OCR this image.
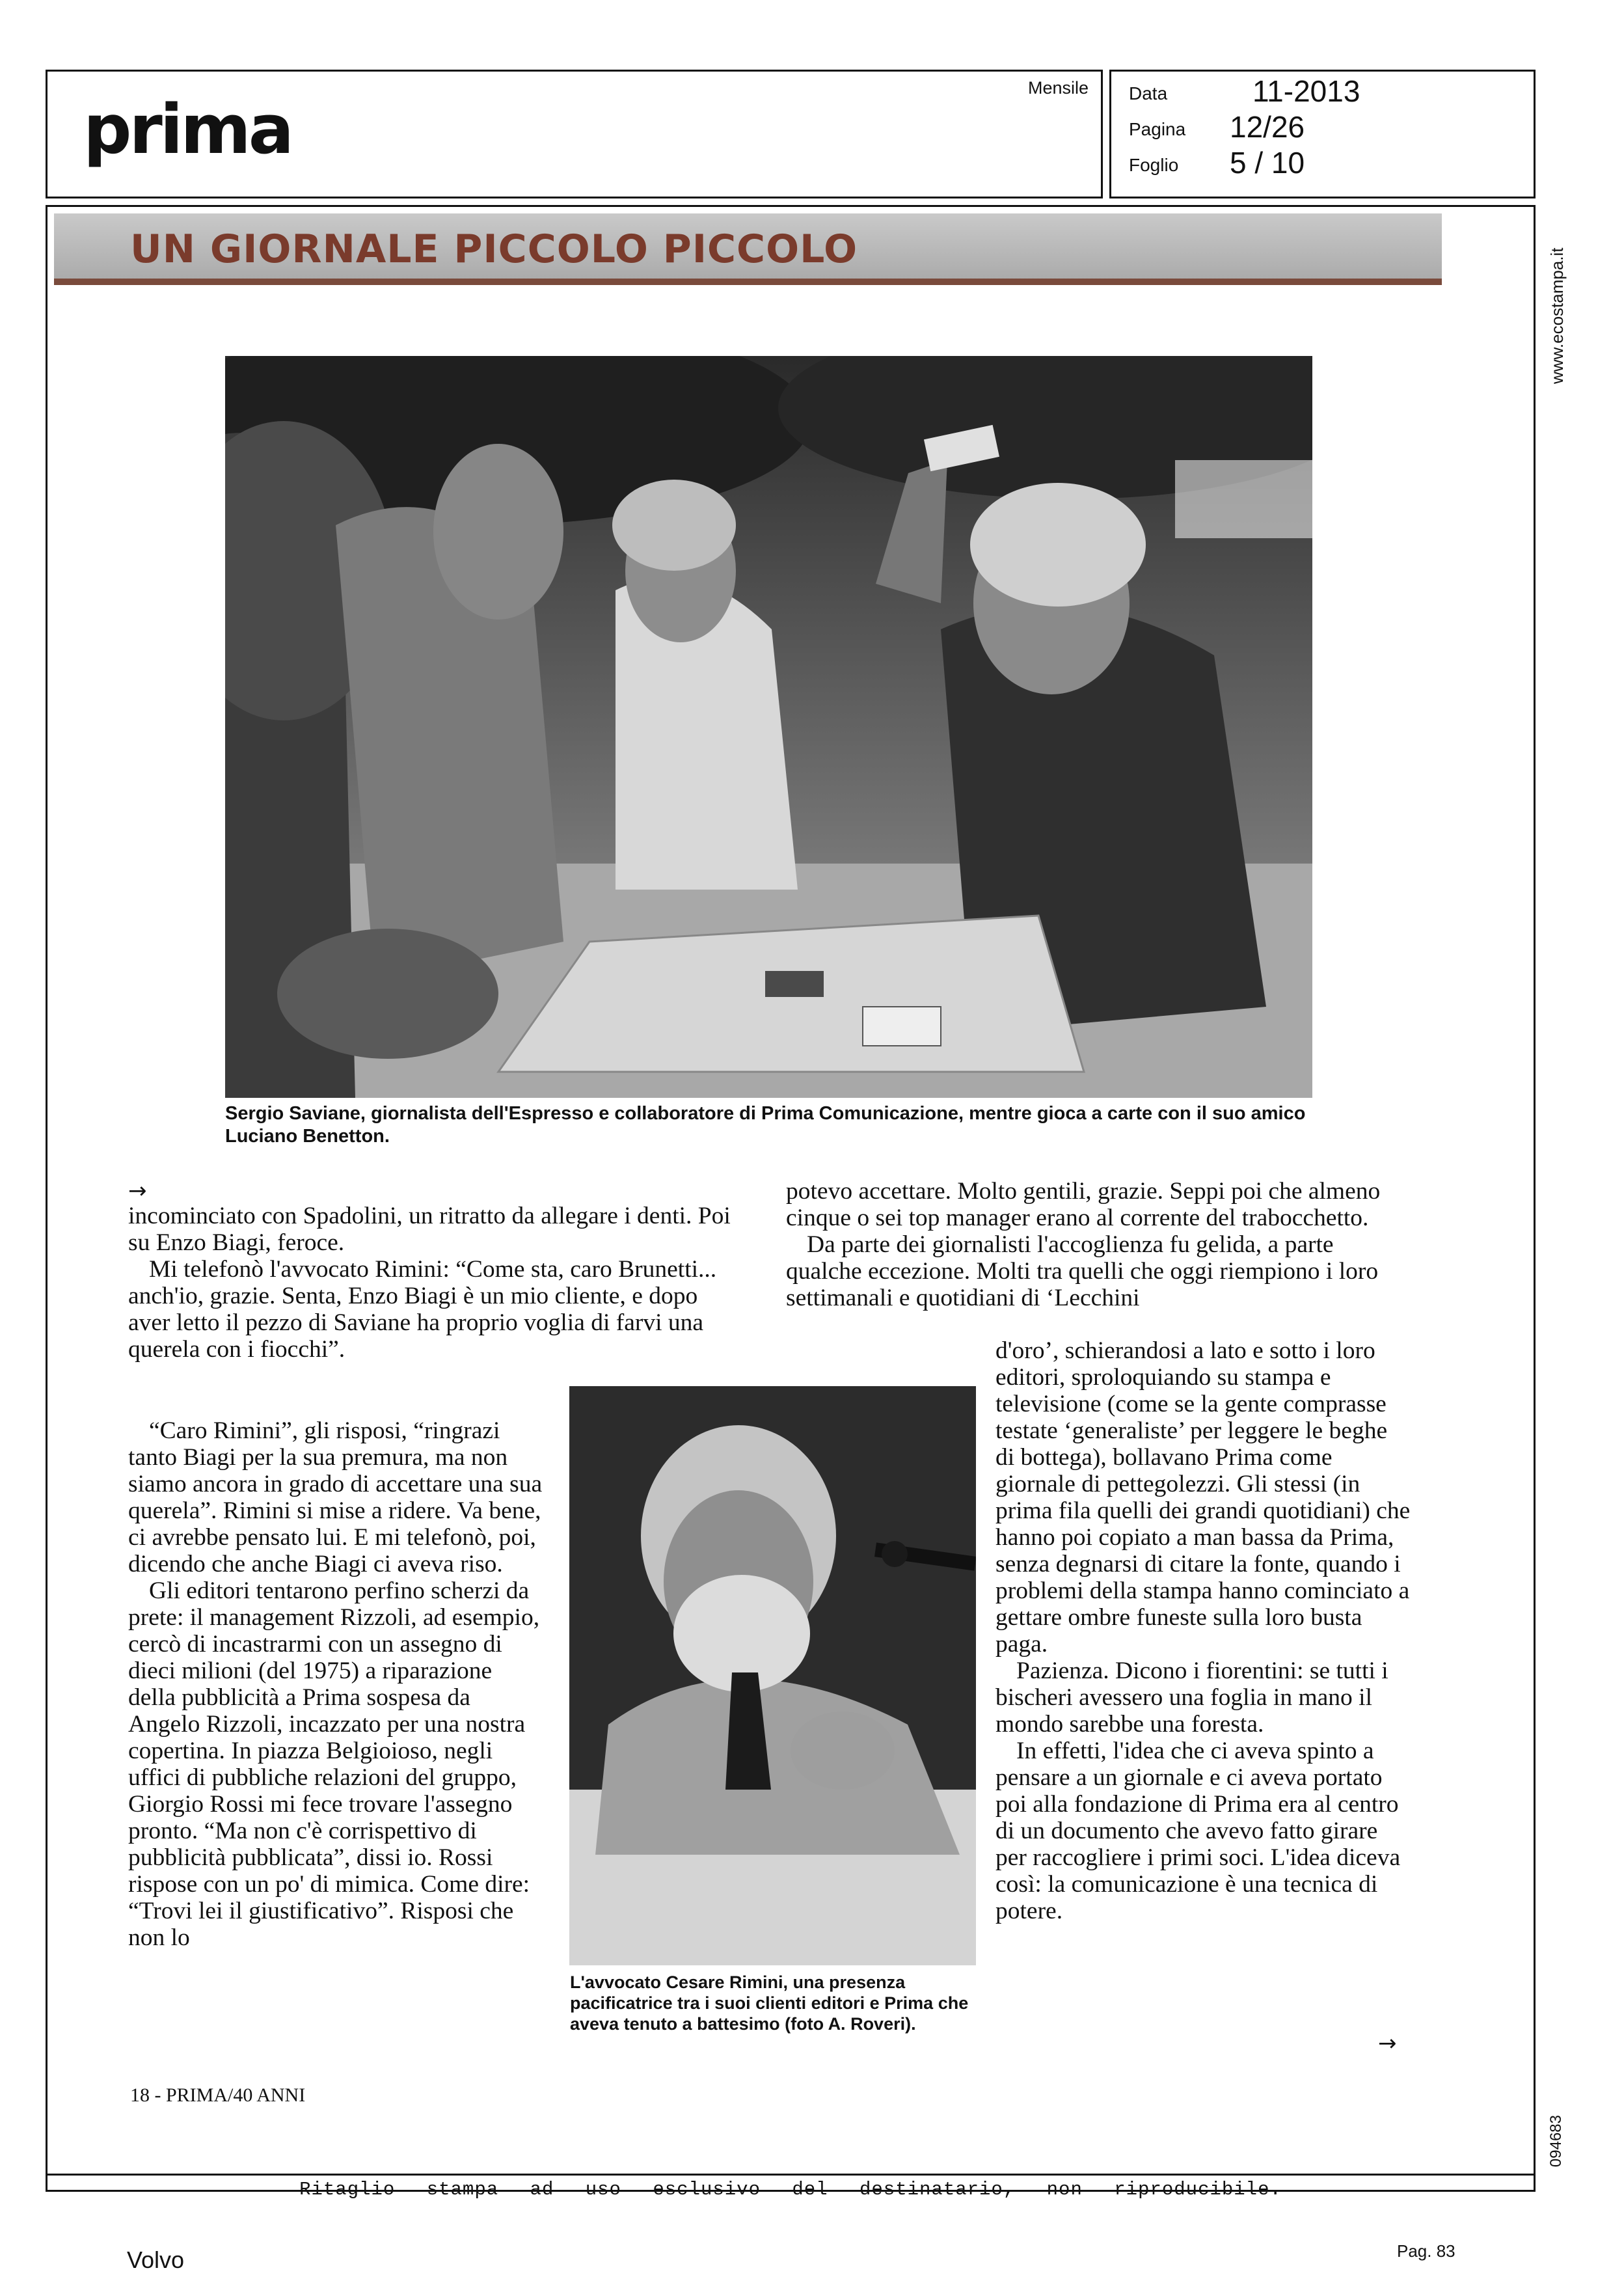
prima
Mensile Data	11-2013
Pagina 12/26
Foglio 5 / 10
www.ecostampa.it
094683
UN GIORNALE PICCOLO PICCOLO
Sergio Saviane, giornalista dell'Espresso e collaboratore di Prima Comunicazione, mentre gioca a carte con il suo amico Luciano Benetton.
→

incominciato con Spadolini, un ritratto da allegare i denti. Poi su Enzo Biagi, feroce.

Mi telefonò l'avvocato Rimini: “Come sta, caro Brunetti... anch'io, grazie. Senta, Enzo Biagi è un mio cliente, e dopo aver letto il pezzo di Saviane ha proprio voglia di farvi una querela con i fiocchi”.

“Caro Rimini”, gli risposi, “ringrazi tanto Biagi per la sua premura, ma non siamo ancora in grado di accettare una sua querela”. Rimini si mise a ridere. Va bene, ci avrebbe pensato lui. E mi telefonò, poi, dicendo che anche Biagi ci aveva riso.

Gli editori tentarono perfino scherzi da prete: il management Rizzoli, ad esempio, cercò di incastrarmi con un assegno di dieci milioni (del 1975) a riparazione della pubblicità a Prima sospesa da Angelo Rizzoli, incazzato per una nostra copertina. In piazza Belgioioso, negli uffici di pubbliche relazioni del gruppo, Giorgio Rossi mi fece trovare l'assegno pronto. “Ma non c'è corrispettivo di pubblicità pubblicata”, dissi io. Rossi rispose con un po' di mimica. Come dire: “Trovi lei il giustificativo”. Risposi che non lo

L'avvocato Cesare Rimini, una presenza pacificatrice tra i suoi clienti editori e Prima che aveva tenuto a battesimo (foto A. Roveri).

potevo accettare. Molto gentili, grazie. Seppi poi che almeno cinque o sei top manager erano al corrente del trabocchetto.

Da parte dei giornalisti l'accoglienza fu gelida, a parte qualche eccezione. Molti tra quelli che oggi riempiono i loro settimanali e quotidiani di ‘Lecchini

d'oro’, schierandosi a lato e sotto i loro editori, sproloquiando su stampa e televisione (come se la gente comprasse testate ‘generaliste’ per leggere le beghe di bottega), bollavano Prima come giornale di pettegolezzi. Gli stessi (in prima fila quelli dei grandi quotidiani) che hanno poi copiato a man bassa da Prima, senza degnarsi di citare la fonte, quando i problemi della stampa hanno cominciato a gettare ombre funeste sulla loro busta paga.

Pazienza. Dicono i fiorentini: se tutti i bischeri avessero una foglia in mano il mondo sarebbe una foresta.

In effetti, l'idea che ci aveva spinto a pensare a un giornale e ci aveva portato poi alla fondazione di Prima era al centro di un documento che avevo fatto girare per raccogliere i primi soci. L'idea diceva così: la comunicazione è una tecnica di potere.

→
18 - PRIMA/40 ANNI
Ritaglio stampa ad uso esclusivo del destinatario, non riproducibile.
Volvo	Pag. 83
